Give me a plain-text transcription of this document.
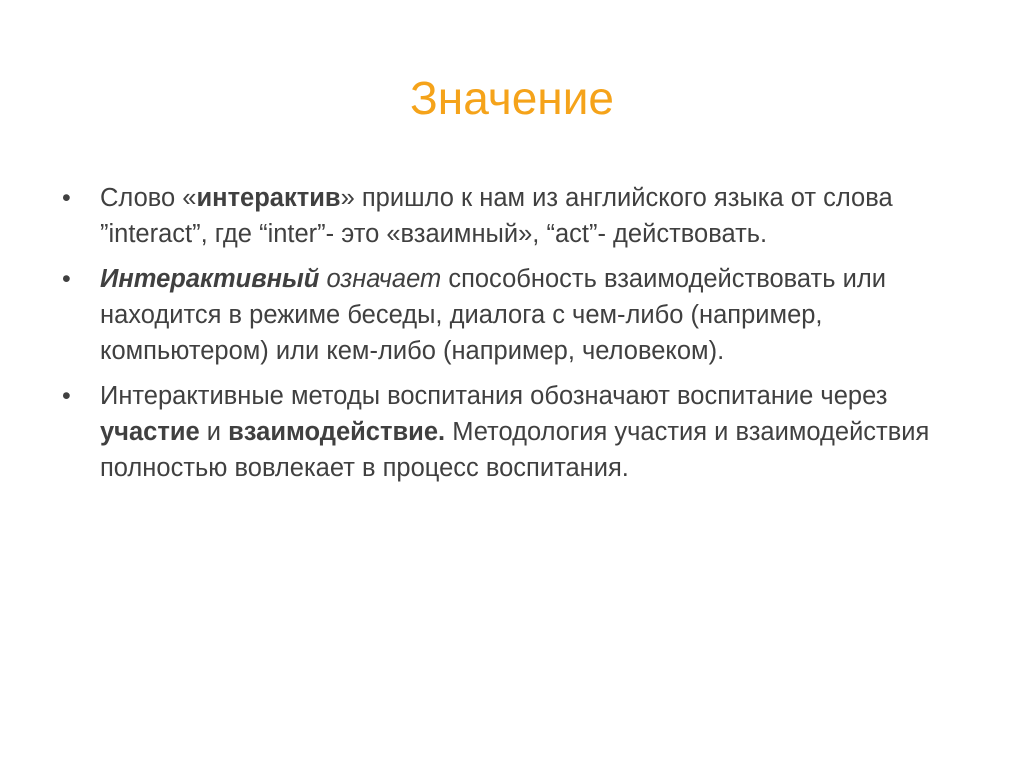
Значение
•	Слово «интерактив» пришло к нам из английского языка от слова ”interact”, где “inter”- это «взаимный», “act”- действовать.
•	Интерактивный означает способность взаимодействовать или находится в режиме беседы, диалога с чем-либо (например, компьютером) или кем-либо (например, человеком).
•	Интерактивные методы воспитания обозначают воспитание через участие и взаимодействие. Методология участия и взаимодействия полностью вовлекает в процесс воспитания.
